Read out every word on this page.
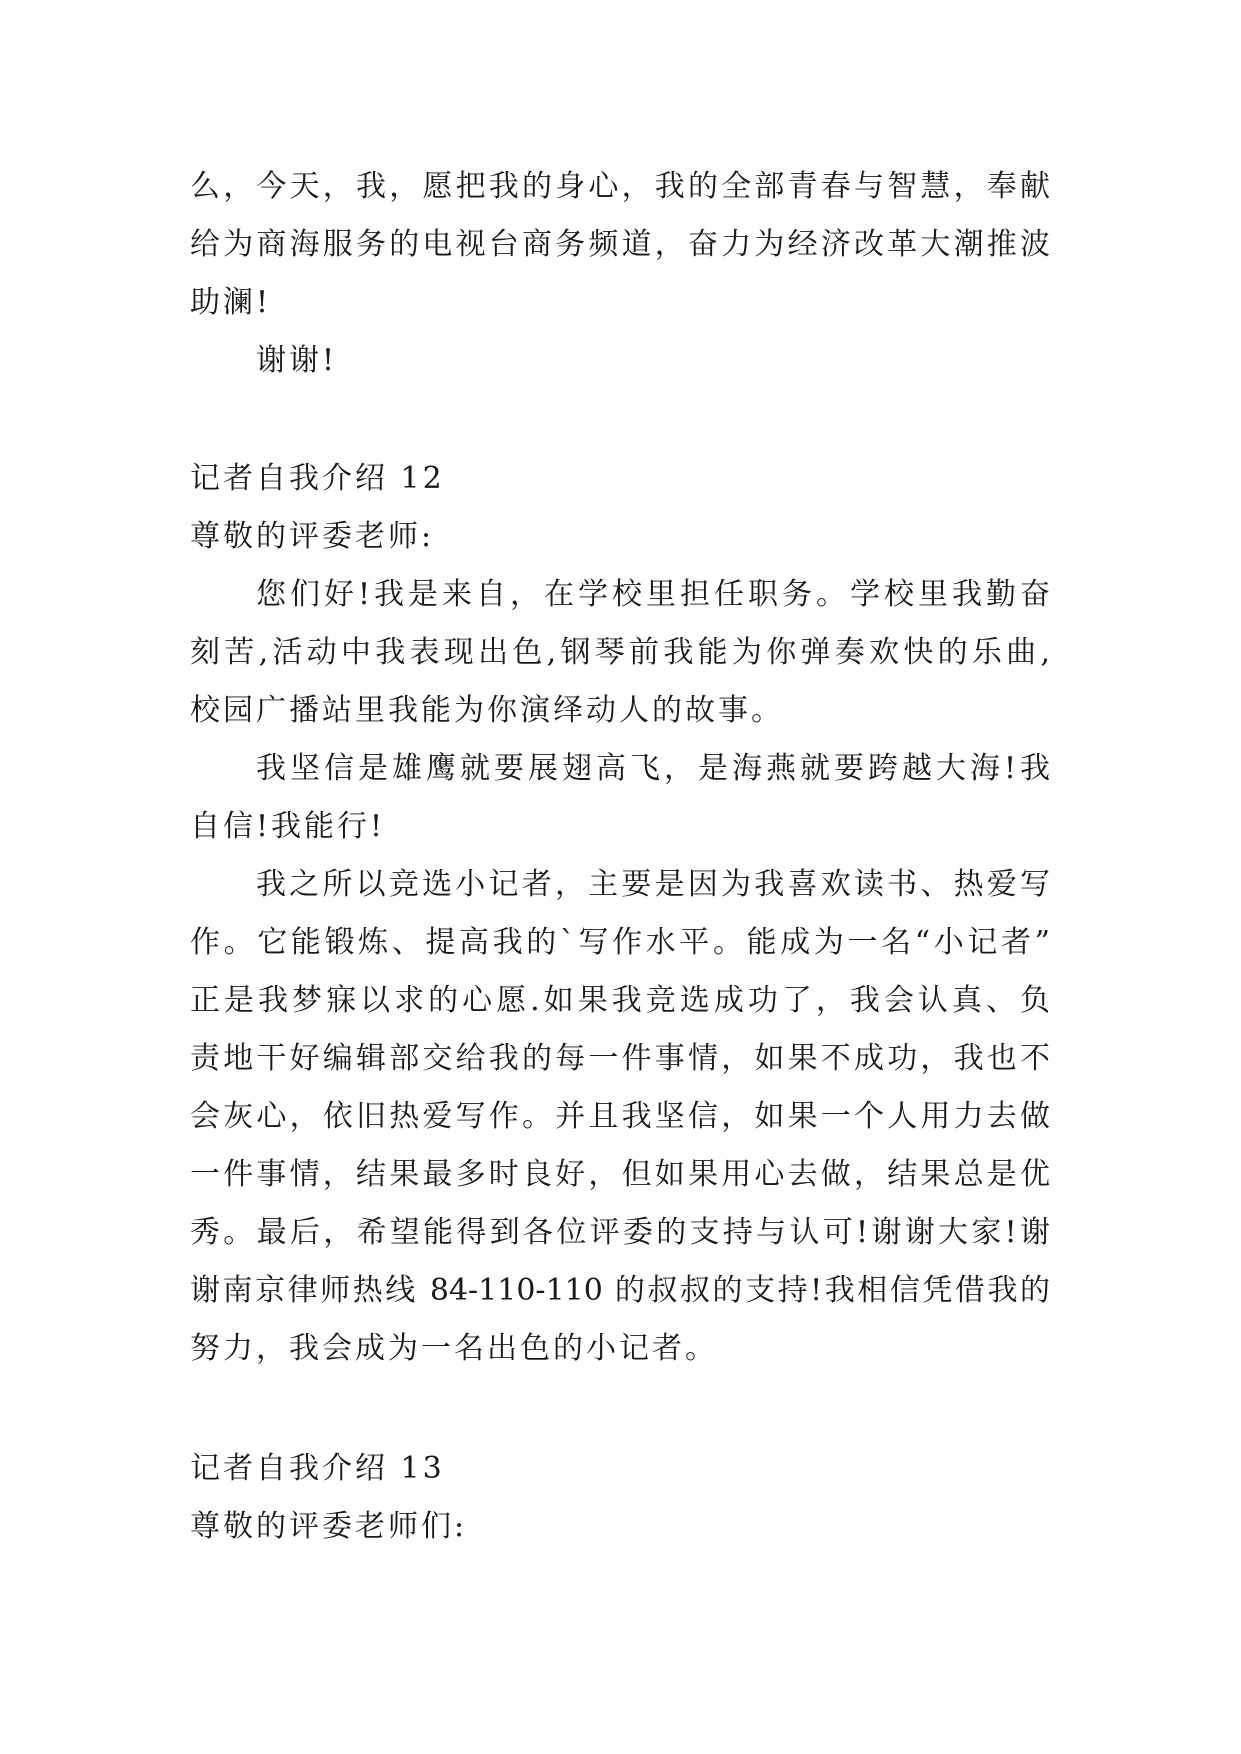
么，今天，我，愿把我的身心，我的全部青春与智慧，奉献
给为商海服务的电视台商务频道，奋力为经济改革大潮推波
助澜!
谢谢!
记者自我介绍 12
尊敬的评委老师:
您们好!我是来自，在学校里担任职务。学校里我勤奋
刻苦,活动中我表现出色,钢琴前我能为你弹奏欢快的乐曲,
校园广播站里我能为你演绎动人的故事。
我坚信是雄鹰就要展翅高飞，是海燕就要跨越大海!我
自信!我能行!
我之所以竞选小记者，主要是因为我喜欢读书、热爱写
作。它能锻炼、提高我的`写作水平。能成为一名“小记者”
正是我梦寐以求的心愿.如果我竞选成功了，我会认真、负
责地干好编辑部交给我的每一件事情，如果不成功，我也不
会灰心，依旧热爱写作。并且我坚信，如果一个人用力去做
一件事情，结果最多时良好，但如果用心去做，结果总是优
秀。最后，希望能得到各位评委的支持与认可!谢谢大家!谢
谢南京律师热线 84-110-110 的叔叔的支持!我相信凭借我的
努力，我会成为一名出色的小记者。
记者自我介绍 13
尊敬的评委老师们:
